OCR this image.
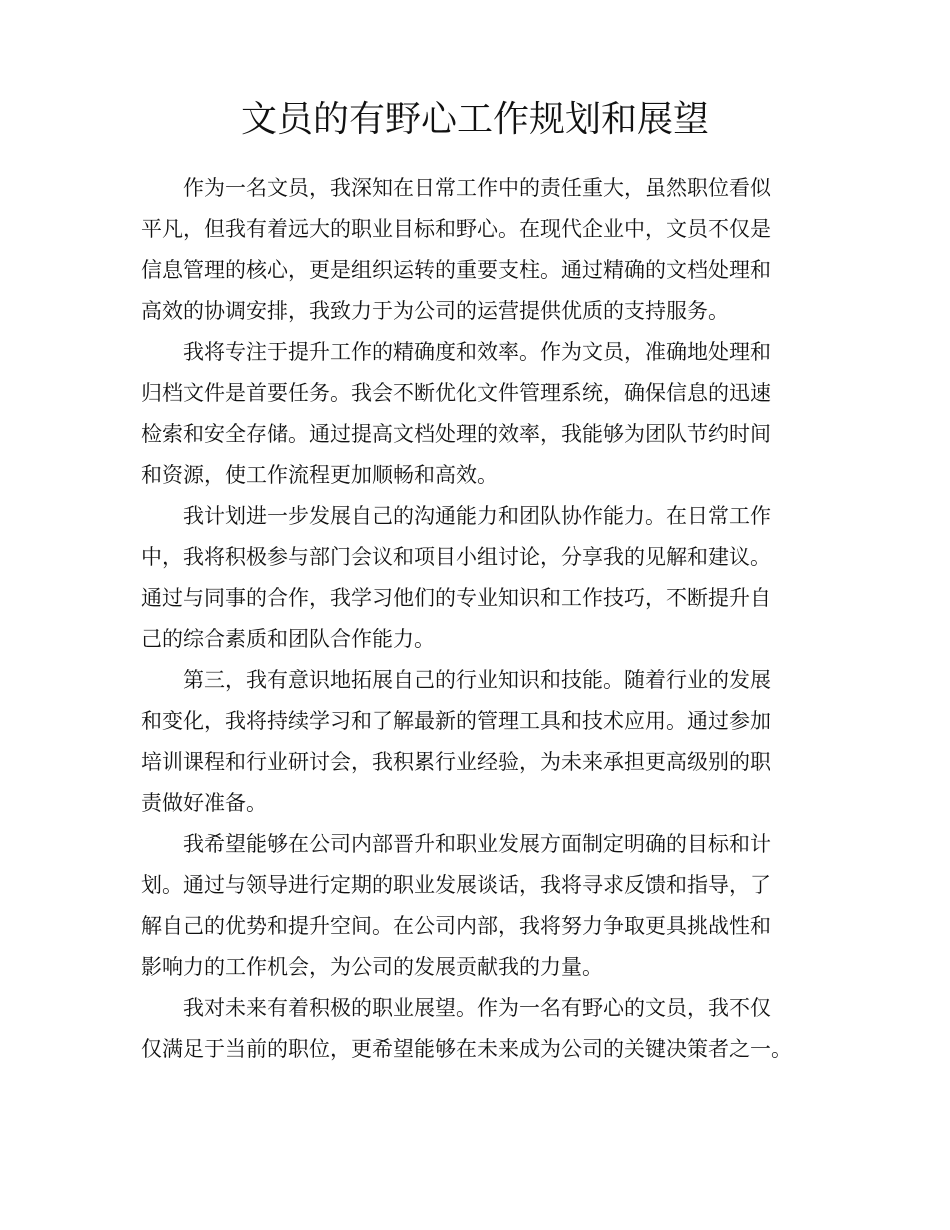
文员的有野心工作规划和展望
作为一名文员，我深知在日常工作中的责任重大，虽然职位看似
平凡，但我有着远大的职业目标和野心。在现代企业中，文员不仅是
信息管理的核心，更是组织运转的重要支柱。通过精确的文档处理和
高效的协调安排，我致力于为公司的运营提供优质的支持服务。
我将专注于提升工作的精确度和效率。作为文员，准确地处理和
归档文件是首要任务。我会不断优化文件管理系统，确保信息的迅速
检索和安全存储。通过提高文档处理的效率，我能够为团队节约时间
和资源，使工作流程更加顺畅和高效。
我计划进一步发展自己的沟通能力和团队协作能力。在日常工作
中，我将积极参与部门会议和项目小组讨论，分享我的见解和建议。
通过与同事的合作，我学习他们的专业知识和工作技巧，不断提升自
己的综合素质和团队合作能力。
第三，我有意识地拓展自己的行业知识和技能。随着行业的发展
和变化，我将持续学习和了解最新的管理工具和技术应用。通过参加
培训课程和行业研讨会，我积累行业经验，为未来承担更高级别的职
责做好准备。
我希望能够在公司内部晋升和职业发展方面制定明确的目标和计
划。通过与领导进行定期的职业发展谈话，我将寻求反馈和指导，了
解自己的优势和提升空间。在公司内部，我将努力争取更具挑战性和
影响力的工作机会，为公司的发展贡献我的力量。
我对未来有着积极的职业展望。作为一名有野心的文员，我不仅
仅满足于当前的职位，更希望能够在未来成为公司的关键决策者之一。
